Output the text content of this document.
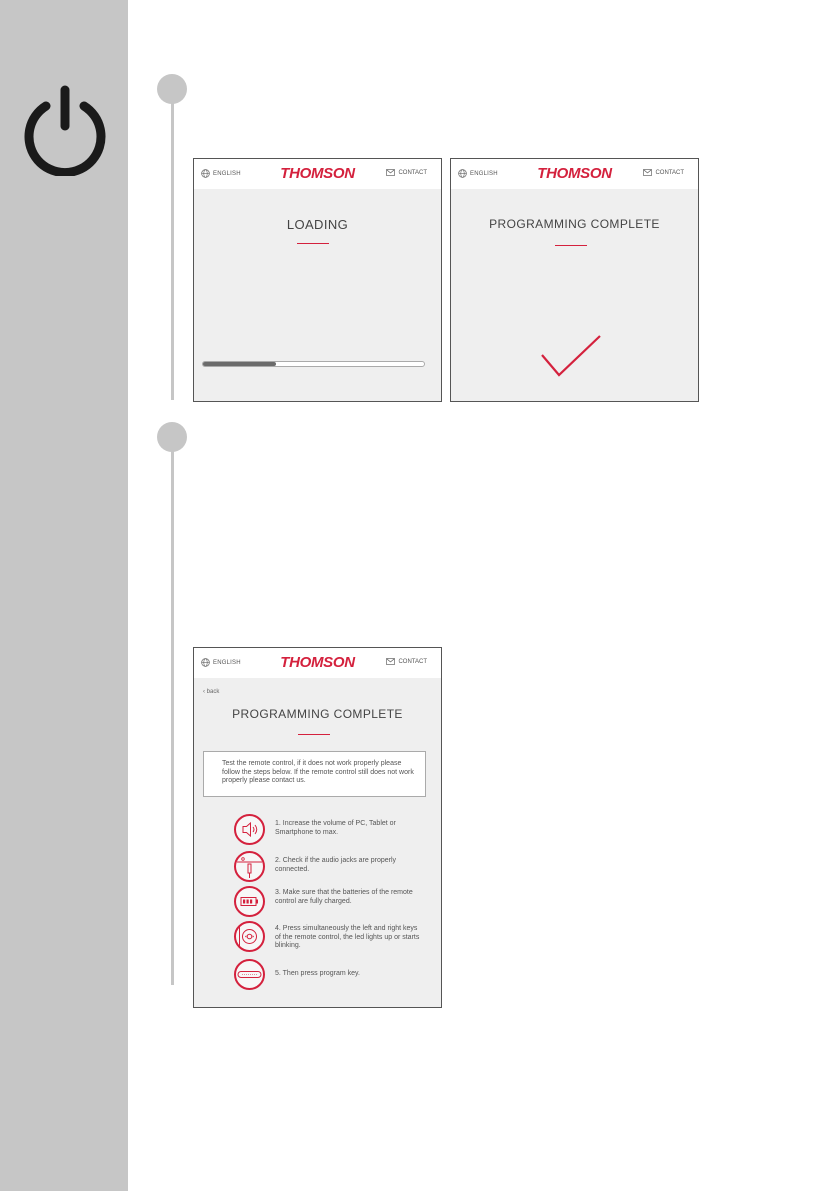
ENGLISH	THOMSON	CONTACT
LOADING
ENGLISH	THOMSON	CONTACT
PROGRAMMING COMPLETE
ENGLISH	THOMSON	CONTACT
‹ back
PROGRAMMING COMPLETE
Test the remote control, if it does not work properly please follow the steps below. If the remote control still does not work properly please contact us.
1. Increase the volume of PC, Tablet or Smartphone to max.
2. Check if the audio jacks are properly connected.
3. Make sure that the batteries of the remote control are fully charged.
4. Press simultaneously the left and right keys of the remote control, the led lights up or starts blinking.
5. Then press program key.
